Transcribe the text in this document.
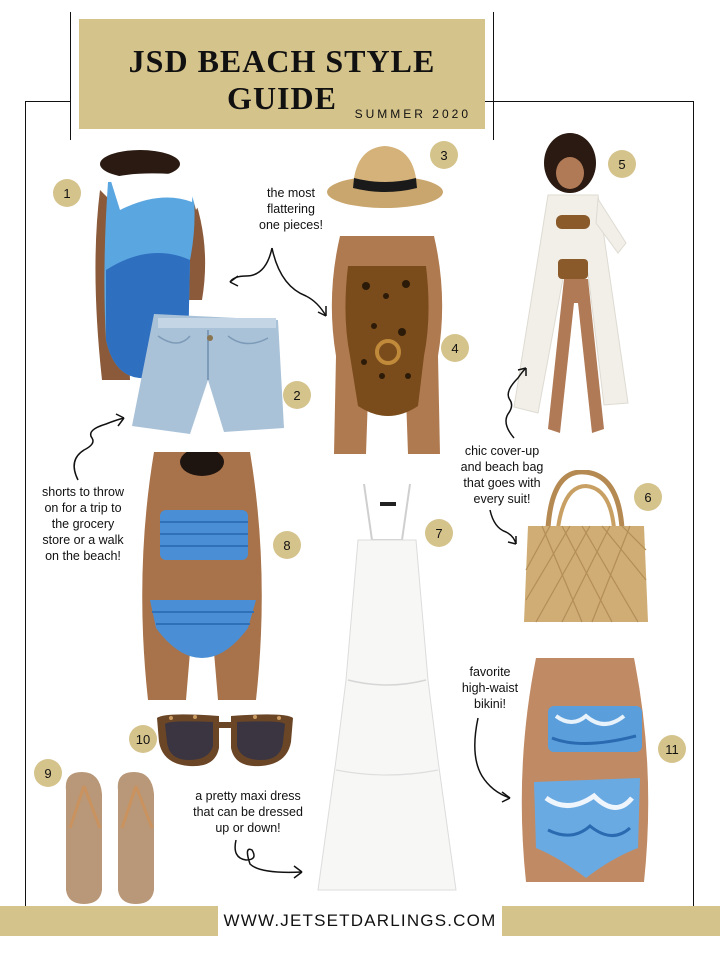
JSD BEACH STYLE GUIDE	SUMMER 2020
1
2
3
4
5
6
7
8
9
10
11
the most
flattering
one pieces!
shorts to throw
on for a trip to
the grocery
store or a walk
on the beach!
chic cover-up
and beach bag
that goes with
every suit!
favorite
high-waist
bikini!
a pretty maxi dress
that can be dressed
up or down!
WWW.JETSETDARLINGS.COM
